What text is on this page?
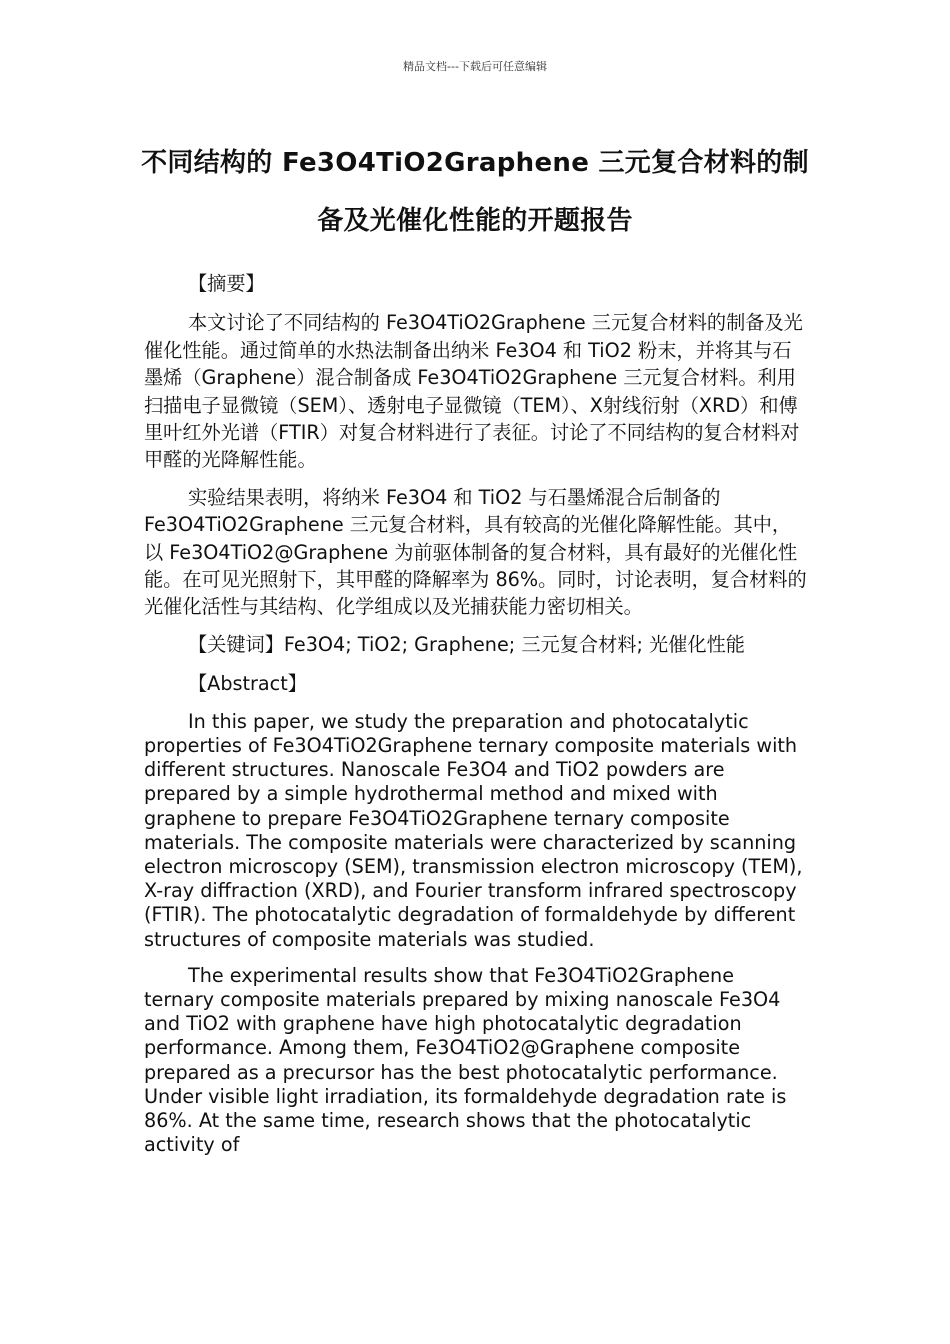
精品文档---下载后可任意编辑
不同结构的 Fe3O4TiO2Graphene 三元复合材料的制
备及光催化性能的开题报告

【摘要】

本文讨论了不同结构的 Fe3O4TiO2Graphene 三元复合材料的制备及光催化性能。通过简单的水热法制备出纳米 Fe3O4 和 TiO2 粉末，并将其与石墨烯（Graphene）混合制备成 Fe3O4TiO2Graphene 三元复合材料。利用扫描电子显微镜（SEM）、透射电子显微镜（TEM）、X射线衍射（XRD）和傅里叶红外光谱（FTIR）对复合材料进行了表征。讨论了不同结构的复合材料对甲醛的光降解性能。

实验结果表明，将纳米 Fe3O4 和 TiO2 与石墨烯混合后制备的 Fe3O4TiO2Graphene 三元复合材料，具有较高的光催化降解性能。其中，以 Fe3O4TiO2@Graphene 为前驱体制备的复合材料，具有最好的光催化性能。在可见光照射下，其甲醛的降解率为 86%。同时，讨论表明，复合材料的光催化活性与其结构、化学组成以及光捕获能力密切相关。

【关键词】Fe3O4; TiO2; Graphene; 三元复合材料; 光催化性能

【Abstract】

In this paper, we study the preparation and photocatalytic properties of Fe3O4TiO2Graphene ternary composite materials with different structures. Nanoscale Fe3O4 and TiO2 powders are prepared by a simple hydrothermal method and mixed with graphene to prepare Fe3O4TiO2Graphene ternary composite materials. The composite materials were characterized by scanning electron microscopy (SEM), transmission electron microscopy (TEM), X-ray diffraction (XRD), and Fourier transform infrared spectroscopy (FTIR). The photocatalytic degradation of formaldehyde by different structures of composite materials was studied.

The experimental results show that Fe3O4TiO2Graphene ternary composite materials prepared by mixing nanoscale Fe3O4 and TiO2 with graphene have high photocatalytic degradation performance. Among them, Fe3O4TiO2@Graphene composite prepared as a precursor has the best photocatalytic performance. Under visible light irradiation, its formaldehyde degradation rate is 86%. At the same time, research shows that the photocatalytic activity of
